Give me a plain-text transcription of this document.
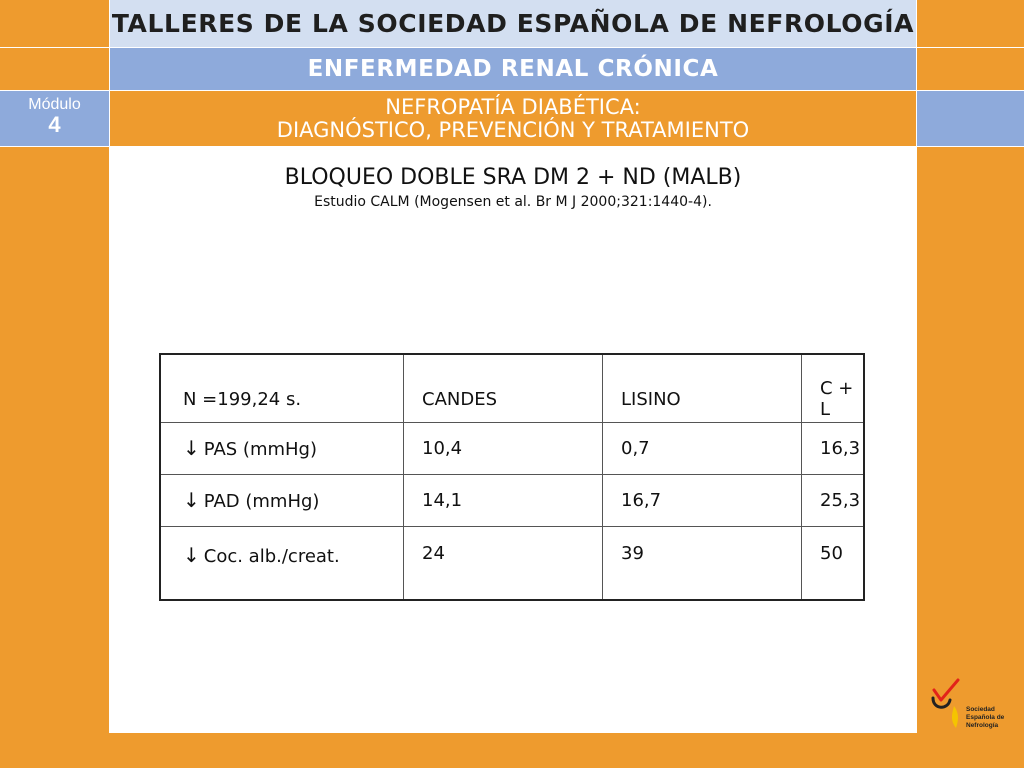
TALLERES DE LA SOCIEDAD ESPAÑOLA DE NEFROLOGÍA
ENFERMEDAD RENAL CRÓNICA
NEFROPATÍA DIABÉTICA:
DIAGNÓSTICO, PREVENCIÓN Y TRATAMIENTO
Módulo
4
BLOQUEO DOBLE SRA DM 2 + ND (MALB)
Estudio CALM (Mogensen et al. Br M J 2000;321:1440-4).
N =199,24 s.	CANDES	LISINO	C + L
↓ PAS (mmHg)	10,4	0,7	16,3
↓ PAD (mmHg)	14,1	16,7	25,3
↓ Coc. alb./creat.	24	39	50
Sociedad
Española de
Nefrología
